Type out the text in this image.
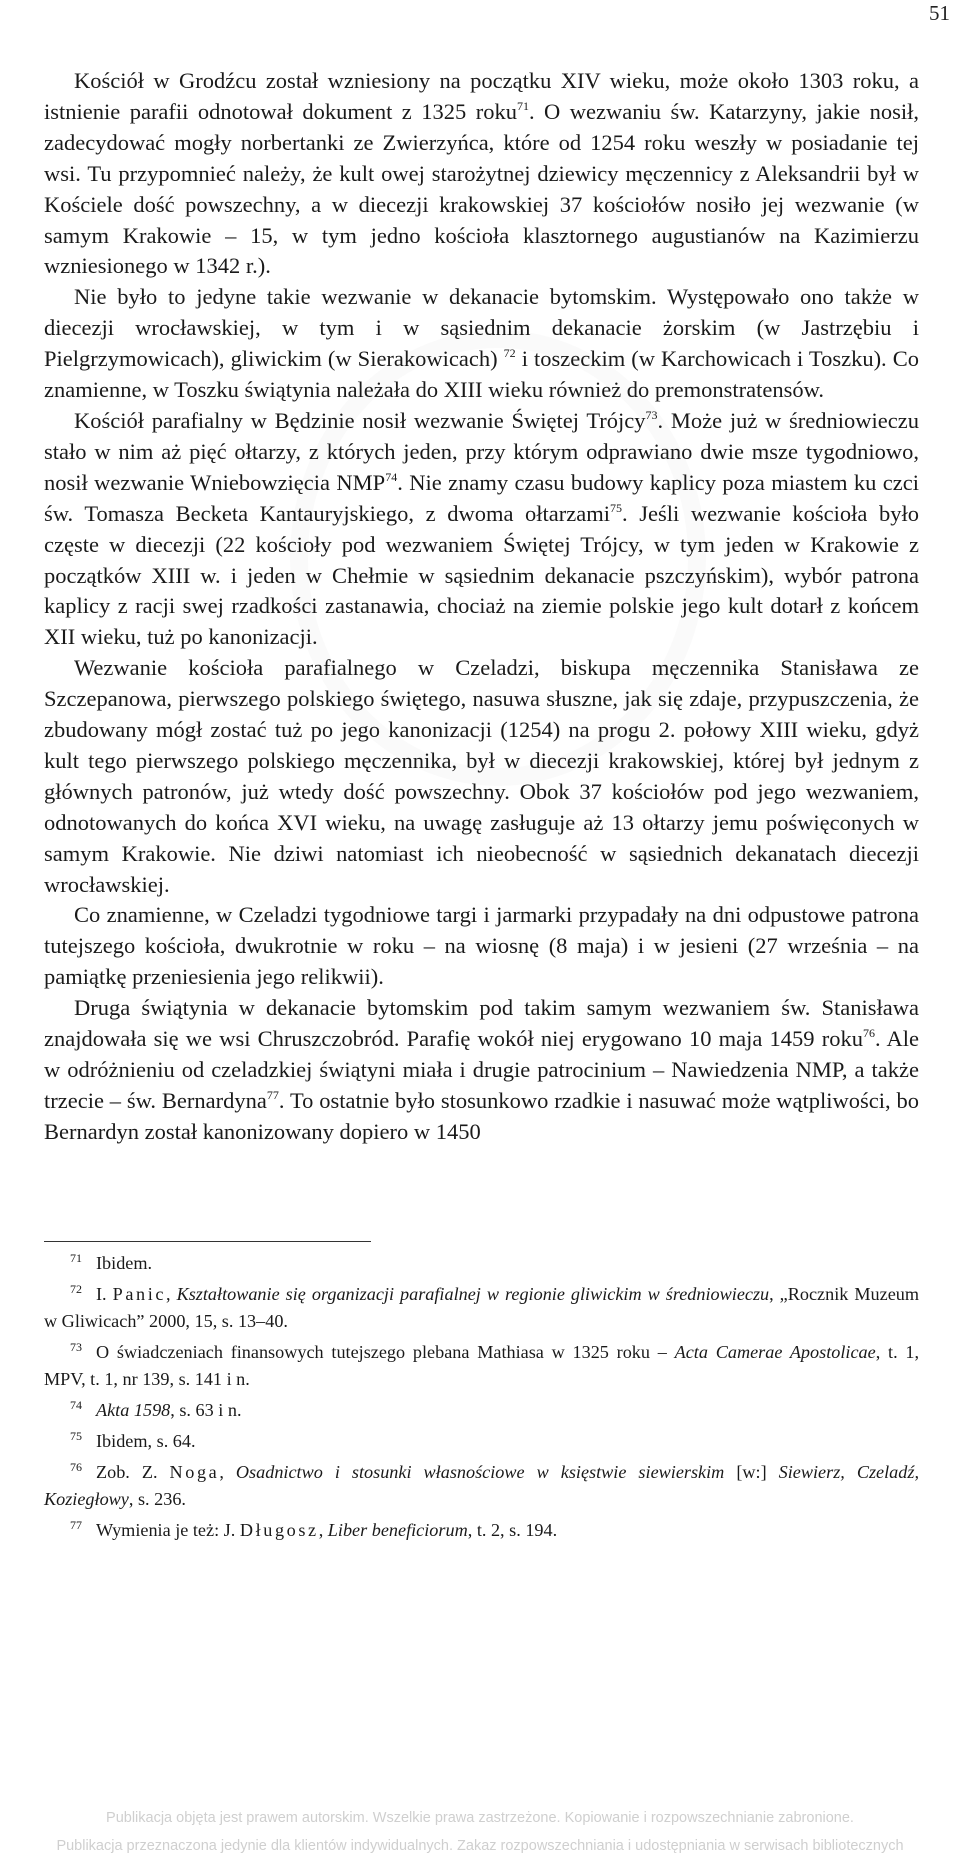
51

Kościół w Grodźcu został wzniesiony na początku XIV wieku, może około 1303 roku, a istnienie parafii odnotował dokument z 1325 roku$^{71}$. O wezwaniu św. Katarzyny, jakie nosił, zadecydować mogły norbertanki ze Zwierzyńca, które od 1254 roku weszły w posiadanie tej wsi. Tu przypomnieć należy, że kult owej starożytnej dziewicy męczennicy z Aleksandrii był w Kościele dość powszechny, a w diecezji krakowskiej 37 kościołów nosiło jej wezwanie (w samym Krakowie – 15, w tym jedno kościoła klasztornego augustianów na Kazimierzu wzniesionego w 1342 r.).

Nie było to jedyne takie wezwanie w dekanacie bytomskim. Występowało ono także w diecezji wrocławskiej, w tym i w sąsiednim dekanacie żorskim (w Jastrzębiu i Pielgrzymowicach), gliwickim (w Sierakowicach) $^{72}$ i toszeckim (w Karchowicach i Toszku). Co znamienne, w Toszku świątynia należała do XIII wieku również do premonstratensów.

Kościół parafialny w Będzinie nosił wezwanie Świętej Trójcy$^{73}$. Może już w średniowieczu stało w nim aż pięć ołtarzy, z których jeden, przy którym odprawiano dwie msze tygodniowo, nosił wezwanie Wniebowzięcia NMP$^{74}$. Nie znamy czasu budowy kaplicy poza miastem ku czci św. Tomasza Becketa Kantauryjskiego, z dwoma ołtarzami$^{75}$. Jeśli wezwanie kościoła było częste w diecezji (22 kościoły pod wezwaniem Świętej Trójcy, w tym jeden w Krakowie z początków XIII w. i jeden w Chełmie w sąsiednim dekanacie pszczyńskim), wybór patrona kaplicy z racji swej rzadkości zastanawia, chociaż na ziemie polskie jego kult dotarł z końcem XII wieku, tuż po kanonizacji.

Wezwanie kościoła parafialnego w Czeladzi, biskupa męczennika Stanisława ze Szczepanowa, pierwszego polskiego świętego, nasuwa słuszne, jak się zdaje, przypuszczenia, że zbudowany mógł zostać tuż po jego kanonizacji (1254) na progu 2. połowy XIII wieku, gdyż kult tego pierwszego polskiego męczennika, był w diecezji krakowskiej, której był jednym z głównych patronów, już wtedy dość powszechny. Obok 37 kościołów pod jego wezwaniem, odnotowanych do końca XVI wieku, na uwagę zasługuje aż 13 ołtarzy jemu poświęconych w samym Krakowie. Nie dziwi natomiast ich nieobecność w sąsiednich dekanatach diecezji wrocławskiej.

Co znamienne, w Czeladzi tygodniowe targi i jarmarki przypadały na dni odpustowe patrona tutejszego kościoła, dwukrotnie w roku – na wiosnę (8 maja) i w jesieni (27 września – na pamiątkę przeniesienia jego relikwii).

Druga świątynia w dekanacie bytomskim pod takim samym wezwaniem św. Stanisława znajdowała się we wsi Chruszczobród. Parafię wokół niej erygowano 10 maja 1459 roku$^{76}$. Ale w odróżnieniu od czeladzkiej świątyni miała i drugie patrocinium – Nawiedzenia NMP, a także trzecie – św. Bernardyna$^{77}$. To ostatnie było stosunkowo rzadkie i nasuwać może wątpliwości, bo Bernardyn został kanonizowany dopiero w 1450

$^{71}$ Ibidem.

$^{72}$ I. Panic, Kształtowanie się organizacji parafialnej w regionie gliwickim w średniowieczu, „Rocznik Muzeum w Gliwicach” 2000, 15, s. 13–40.

$^{73}$ O świadczeniach finansowych tutejszego plebana Mathiasa w 1325 roku – Acta Camerae Apostolicae, t. 1, MPV, t. 1, nr 139, s. 141 i n.

$^{74}$ Akta 1598, s. 63 i n.

$^{75}$ Ibidem, s. 64.

$^{76}$ Zob. Z. Noga, Osadnictwo i stosunki własnościowe w księstwie siewierskim [w:] Siewierz, Czeladź, Koziegłowy, s. 236.

$^{77}$ Wymienia je też: J. Długosz, Liber beneficiorum, t. 2, s. 194.

Publikacja objęta jest prawem autorskim. Wszelkie prawa zastrzeżone. Kopiowanie i rozpowszechnianie zabronione.
Publikacja przeznaczona jedynie dla klientów indywidualnych. Zakaz rozpowszechniania i udostępniania w serwisach bibliotecznych
